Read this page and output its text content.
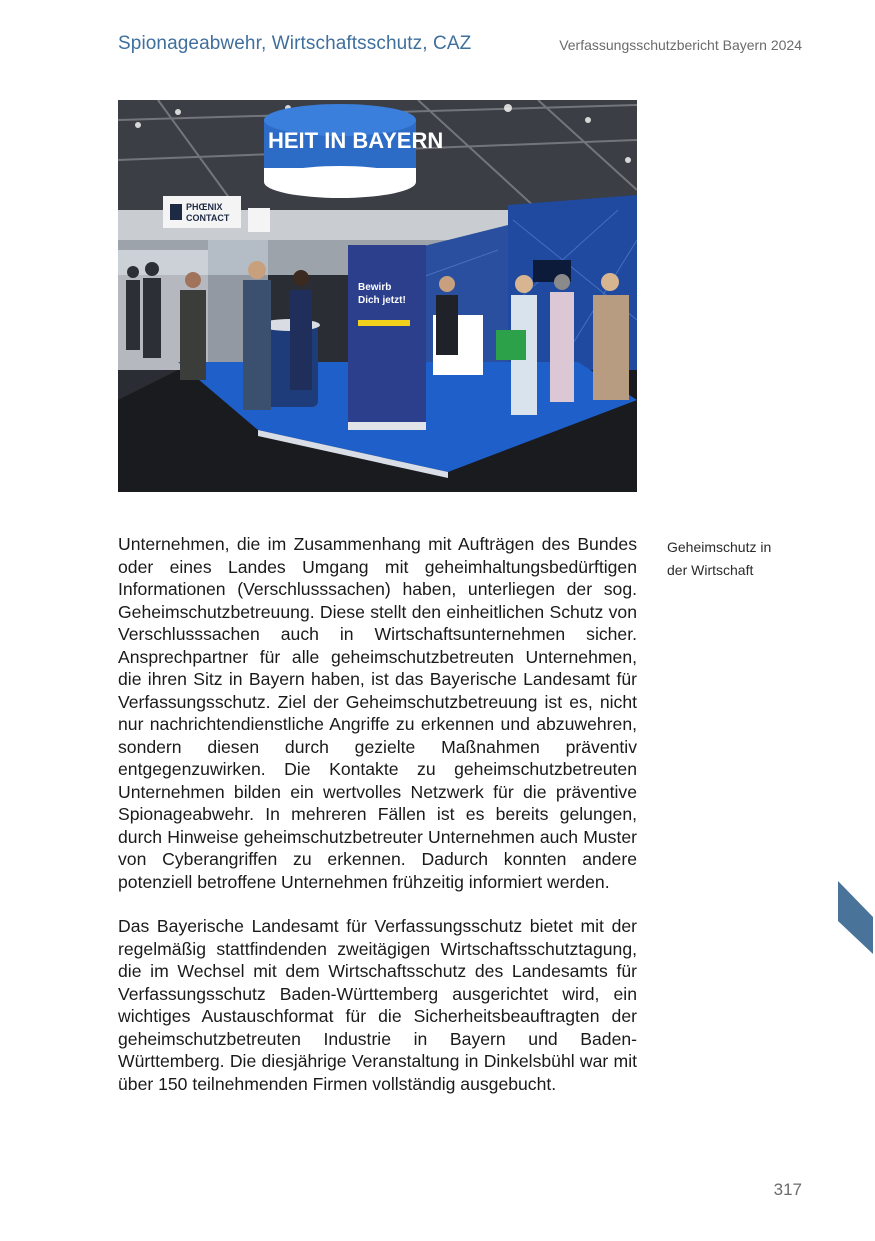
Spionageabwehr, Wirtschaftsschutz, CAZ	Verfassungsschutzbericht Bayern 2024
PHŒNIX
CONTACT
HEIT IN BAYERN
Bewirb
Dich jetzt!

Unternehmen, die im Zusammenhang mit Aufträgen des Bundes oder eines Landes Umgang mit geheimhaltungsbedürftigen Informationen (Verschlusssachen) haben, unterliegen der sog. Geheimschutzbetreuung. Diese stellt den einheitlichen Schutz von Verschlusssachen auch in Wirtschaftsunternehmen sicher. Ansprechpartner für alle geheimschutzbetreuten Unternehmen, die ihren Sitz in Bayern haben, ist das Bayerische Landesamt für Verfassungsschutz. Ziel der Geheimschutzbetreuung ist es, nicht nur nachrichtendienstliche Angriffe zu erkennen und abzuwehren, sondern diesen durch gezielte Maßnahmen präventiv entgegenzuwirken. Die Kontakte zu geheimschutzbetreuten Unternehmen bilden ein wertvolles Netzwerk für die präventive Spionageabwehr. In mehreren Fällen ist es bereits gelungen, durch Hinweise geheimschutzbetreuter Unternehmen auch Muster von Cyberangriffen zu erkennen. Dadurch konnten andere potenziell betroffene Unternehmen frühzeitig informiert werden.

Das Bayerische Landesamt für Verfassungsschutz bietet mit der regelmäßig stattfindenden zweitägigen Wirtschaftsschutztagung, die im Wechsel mit dem Wirtschaftsschutz des Landesamts für Verfassungsschutz Baden-Württemberg ausgerichtet wird, ein wichtiges Austauschformat für die Sicherheitsbeauftragten der geheimschutzbetreuten Industrie in Bayern und Baden-Württemberg. Die diesjährige Veranstaltung in Dinkelsbühl war mit über 150 teilnehmenden Firmen vollständig ausgebucht.

Geheimschutz in
der Wirtschaft
317
